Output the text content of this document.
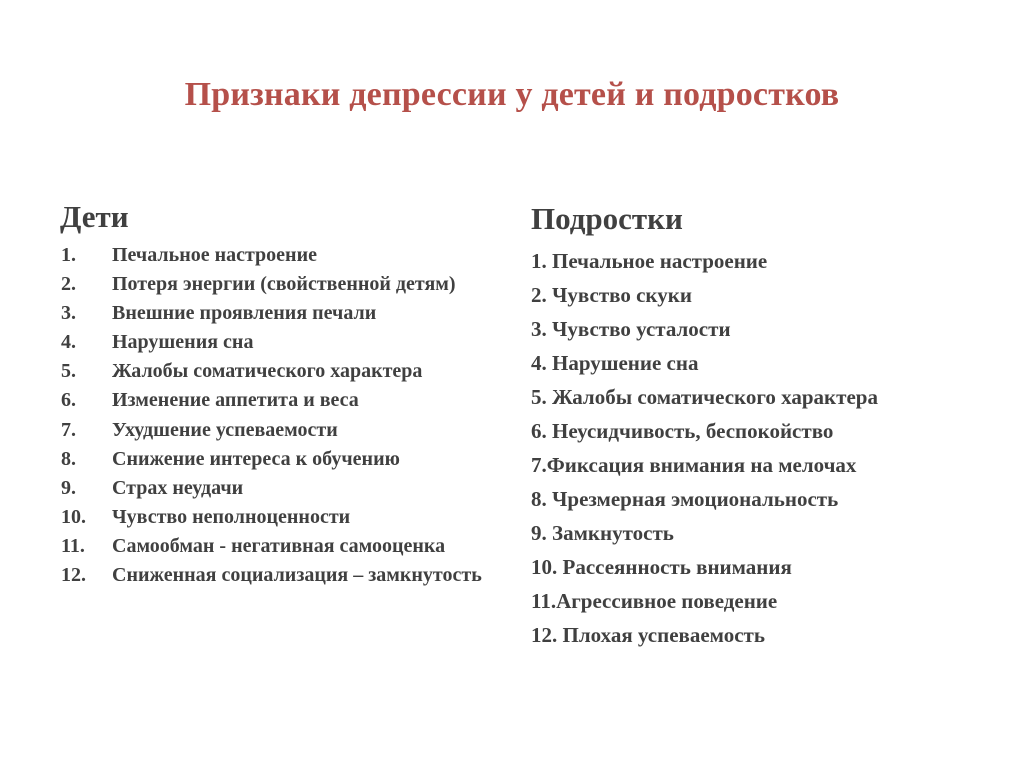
Признаки депрессии у детей и подростков
Дети
1.	Печальное настроение
2.	Потеря энергии (свойственной детям)
3.	Внешние проявления печали
4.	Нарушения сна
5.	Жалобы соматического характера
6.	Изменение аппетита и веса
7.	Ухудшение успеваемости
8.	Снижение интереса к обучению
9.	Страх неудачи
10.	Чувство неполноценности
11.	Самообман - негативная самооценка
12.	Сниженная социализация – замкнутость
Подростки
1. Печальное настроение
2. Чувство скуки
3. Чувство усталости
4. Нарушение сна
5. Жалобы соматического характера
6. Неусидчивость, беспокойство
7.Фиксация внимания на мелочах
8. Чрезмерная эмоциональность
9. Замкнутость
10. Рассеянность внимания
11.Агрессивное поведение
12. Плохая успеваемость
